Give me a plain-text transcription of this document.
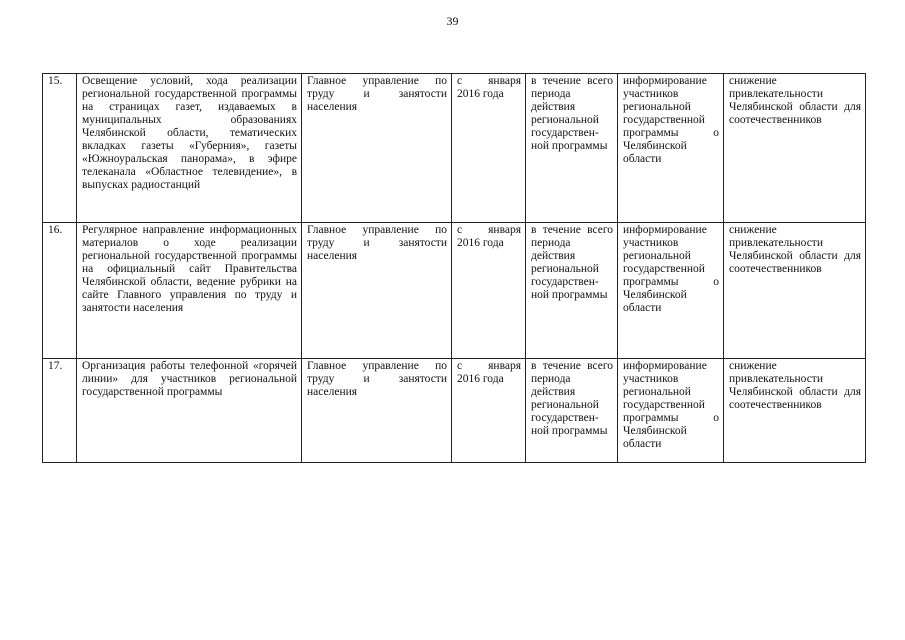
39
15.	Освещение условий, хода реализации региональной государственной программы на страницах газет, издаваемых в муниципальных образованиях Челябинской области, тематических вкладках газеты «Губерния», газеты «Южноуральская панорама», в эфире телеканала «Областное телевидение», в выпусках радиостанций	Главное управление по труду и занятости населения	с января 2016 года	в течение всего периода действия региональной государствен-ной программы	информирование участников региональной государственной программы о Челябинской области	снижение привлекательности Челябинской области для соотечественников
16.	Регулярное направление информационных материалов о ходе реализации региональной государственной программы на официальный сайт Правительства Челябинской области, ведение рубрики на сайте Главного управления по труду и занятости населения	Главное управление по труду и занятости населения	с января 2016 года	в течение всего периода действия региональной государствен-ной программы	информирование участников региональной государственной программы о Челябинской области	снижение привлекательности Челябинской области для соотечественников
17.	Организация работы телефонной «горячей линии» для участников региональной государственной программы	Главное управление по труду и занятости населения	с января 2016 года	в течение всего периода действия региональной государствен-ной программы	информирование участников региональной государственной программы о Челябинской области	снижение привлекательности Челябинской области для соотечественников
